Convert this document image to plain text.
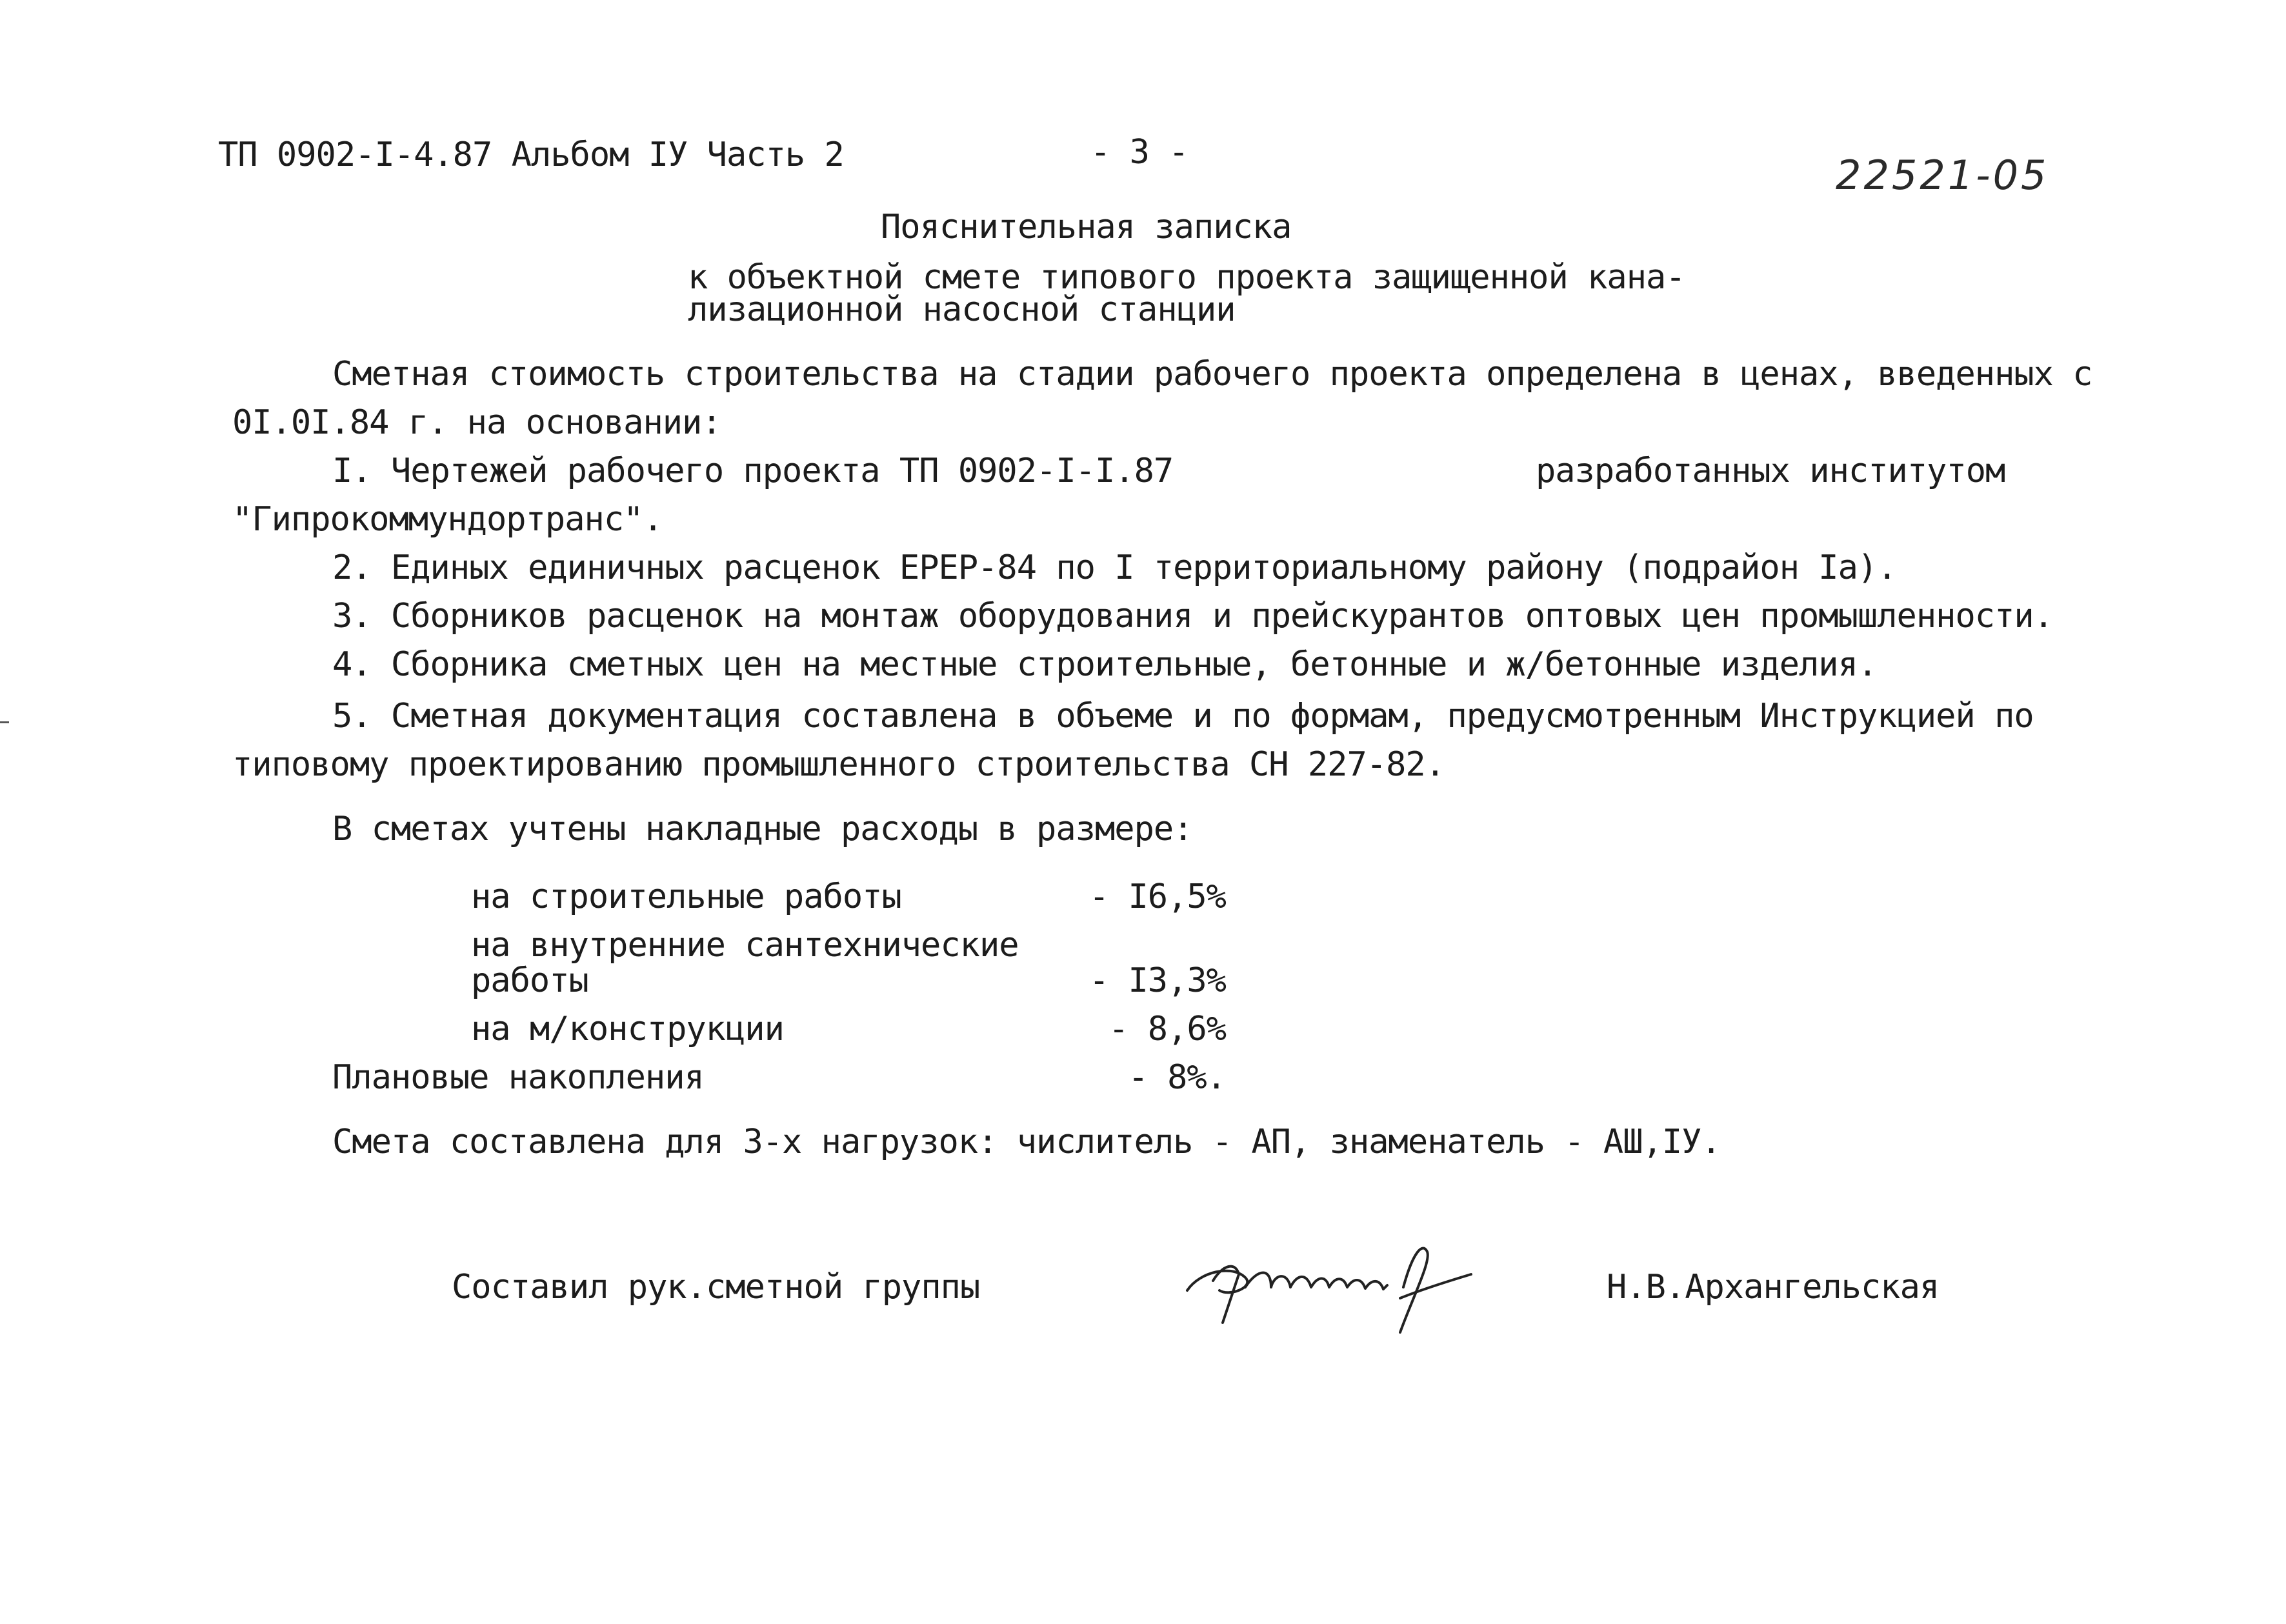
ТП 0902-I-4.87 Альбом IУ Часть 2	- 3 -	22521-05
Пояснительная записка
к объектной смете типового проекта защищенной кана-
лизационной насосной станции
Сметная стоимость строительства на стадии рабочего проекта определена в ценах, введенных с
0I.0I.84 г. на основании:
I. Чертежей рабочего проекта ТП 0902-I-I.87	разработанных институтом
"Гипрокоммундортранс".
2. Единых единичных расценок ЕРЕР-84 по I территориальному району (подрайон Iа).
3. Сборников расценок на монтаж оборудования и прейскурантов оптовых цен промышленности.
4. Сборника сметных цен на местные строительные, бетонные и ж/бетонные изделия.
5. Сметная документация составлена в объеме и по формам, предусмотренным Инструкцией по
типовому проектированию промышленного строительства СН 227-82.
В сметах учтены накладные расходы в размере:
на строительные работы	- I6,5%
на внутренние сантехнические
работы	- I3,3%
на м/конструкции	- 8,6%
Плановые накопления	- 8%.
Смета составлена для 3-х нагрузок: числитель - АП, знаменатель - АШ,IУ.
Составил рук.сметной группы	Н.В.Архангельская
